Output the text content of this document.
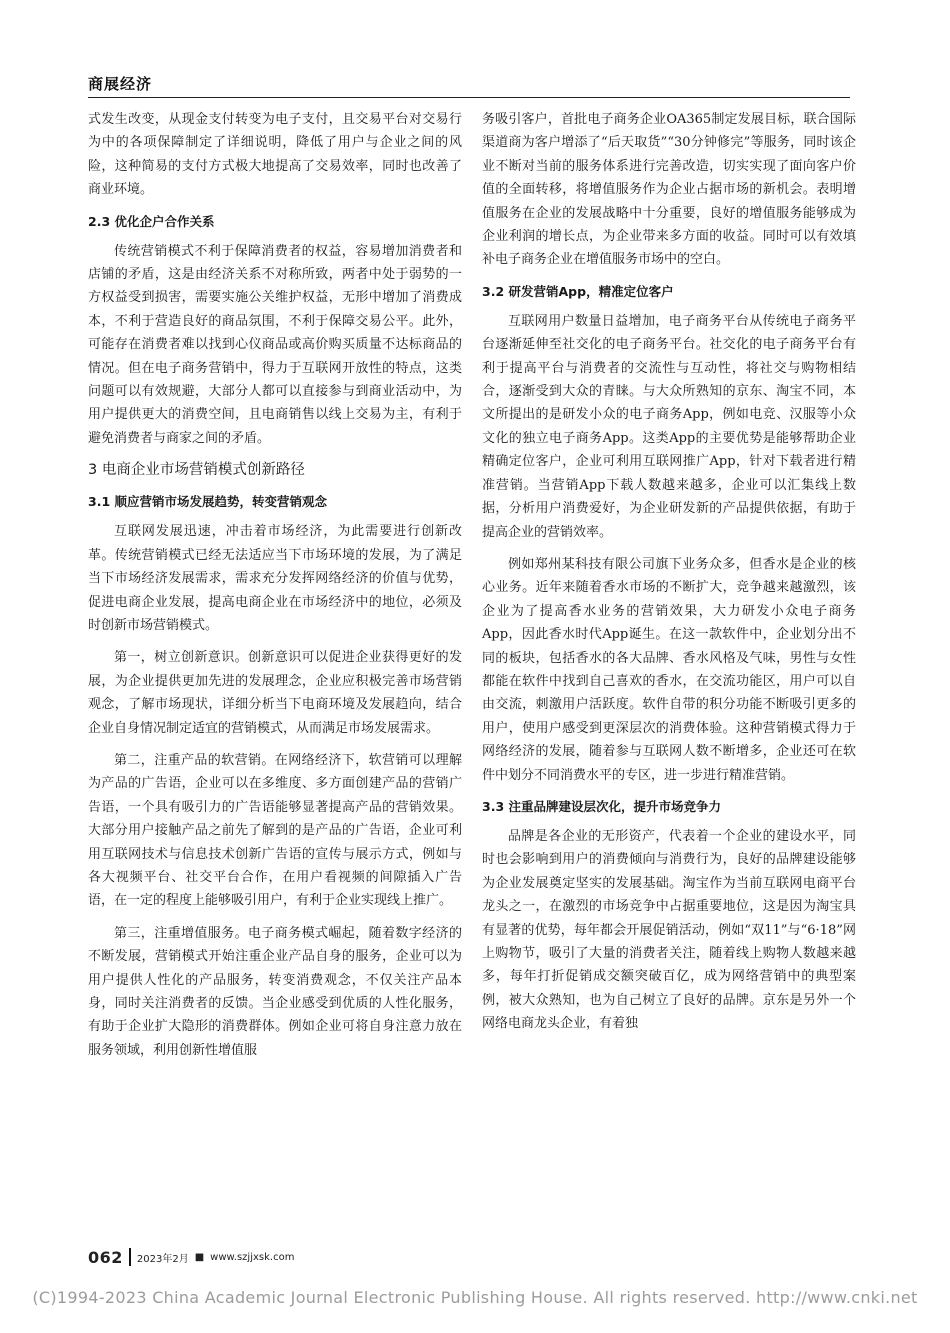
商展经济

式发生改变，从现金支付转变为电子支付，且交易平台对交易行为中的各项保障制定了详细说明，降低了用户与企业之间的风险，这种简易的支付方式极大地提高了交易效率，同时也改善了商业环境。

2.3 优化企户合作关系

传统营销模式不利于保障消费者的权益，容易增加消费者和店铺的矛盾，这是由经济关系不对称所致，两者中处于弱势的一方权益受到损害，需要实施公关维护权益，无形中增加了消费成本，不利于营造良好的商品氛围，不利于保障交易公平。此外，可能存在消费者难以找到心仪商品或高价购买质量不达标商品的情况。但在电子商务营销中，得力于互联网开放性的特点，这类问题可以有效规避，大部分人都可以直接参与到商业活动中，为用户提供更大的消费空间，且电商销售以线上交易为主，有利于避免消费者与商家之间的矛盾。

3 电商企业市场营销模式创新路径
3.1 顺应营销市场发展趋势，转变营销观念

互联网发展迅速，冲击着市场经济，为此需要进行创新改革。传统营销模式已经无法适应当下市场环境的发展，为了满足当下市场经济发展需求，需求充分发挥网络经济的价值与优势，促进电商企业发展，提高电商企业在市场经济中的地位，必须及时创新市场营销模式。

第一，树立创新意识。创新意识可以促进企业获得更好的发展，为企业提供更加先进的发展理念，企业应积极完善市场营销观念，了解市场现状，详细分析当下电商环境及发展趋向，结合企业自身情况制定适宜的营销模式，从而满足市场发展需求。

第二，注重产品的软营销。在网络经济下，软营销可以理解为产品的广告语，企业可以在多维度、多方面创建产品的营销广告语，一个具有吸引力的广告语能够显著提高产品的营销效果。大部分用户接触产品之前先了解到的是产品的广告语，企业可利用互联网技术与信息技术创新广告语的宣传与展示方式，例如与各大视频平台、社交平台合作，在用户看视频的间隙插入广告语，在一定的程度上能够吸引用户，有利于企业实现线上推广。

第三，注重增值服务。电子商务模式崛起，随着数字经济的不断发展，营销模式开始注重企业产品自身的服务，企业可以为用户提供人性化的产品服务，转变消费观念，不仅关注产品本身，同时关注消费者的反馈。当企业感受到优质的人性化服务，有助于企业扩大隐形的消费群体。例如企业可将自身注意力放在服务领域，利用创新性增值服

务吸引客户，首批电子商务企业OA365制定发展目标，联合国际渠道商为客户增添了“后天取货”“30分钟修完”等服务，同时该企业不断对当前的服务体系进行完善改造，切实实现了面向客户价值的全面转移，将增值服务作为企业占据市场的新机会。表明增值服务在企业的发展战略中十分重要，良好的增值服务能够成为企业利润的增长点，为企业带来多方面的收益。同时可以有效填补电子商务企业在增值服务市场中的空白。

3.2 研发营销App，精准定位客户

互联网用户数量日益增加，电子商务平台从传统电子商务平台逐渐延伸至社交化的电子商务平台。社交化的电子商务平台有利于提高平台与消费者的交流性与互动性，将社交与购物相结合，逐渐受到大众的青睐。与大众所熟知的京东、淘宝不同，本文所提出的是研发小众的电子商务App，例如电竞、汉服等小众文化的独立电子商务App。这类App的主要优势是能够帮助企业精确定位客户，企业可利用互联网推广App，针对下载者进行精准营销。当营销App下载人数越来越多，企业可以汇集线上数据，分析用户消费爱好，为企业研发新的产品提供依据，有助于提高企业的营销效率。

例如郑州某科技有限公司旗下业务众多，但香水是企业的核心业务。近年来随着香水市场的不断扩大，竞争越来越激烈，该企业为了提高香水业务的营销效果，大力研发小众电子商务App，因此香水时代App诞生。在这一款软件中，企业划分出不同的板块，包括香水的各大品牌、香水风格及气味，男性与女性都能在软件中找到自己喜欢的香水，在交流功能区，用户可以自由交流，刺激用户活跃度。软件自带的积分功能不断吸引更多的用户，使用户感受到更深层次的消费体验。这种营销模式得力于网络经济的发展，随着参与互联网人数不断增多，企业还可在软件中划分不同消费水平的专区，进一步进行精准营销。

3.3 注重品牌建设层次化，提升市场竞争力

品牌是各企业的无形资产，代表着一个企业的建设水平，同时也会影响到用户的消费倾向与消费行为，良好的品牌建设能够为企业发展奠定坚实的发展基础。淘宝作为当前互联网电商平台龙头之一，在激烈的市场竞争中占据重要地位，这是因为淘宝具有显著的优势，每年都会开展促销活动，例如“双11”与“6·18”网上购物节，吸引了大量的消费者关注，随着线上购物人数越来越多，每年打折促销成交额突破百亿，成为网络营销中的典型案例，被大众熟知，也为自己树立了良好的品牌。京东是另外一个网络电商龙头企业，有着独

062 2023年2月 ■ www.szjjxsk.com
(C)1994-2023 China Academic Journal Electronic Publishing House. All rights reserved. http://www.cnki.net
